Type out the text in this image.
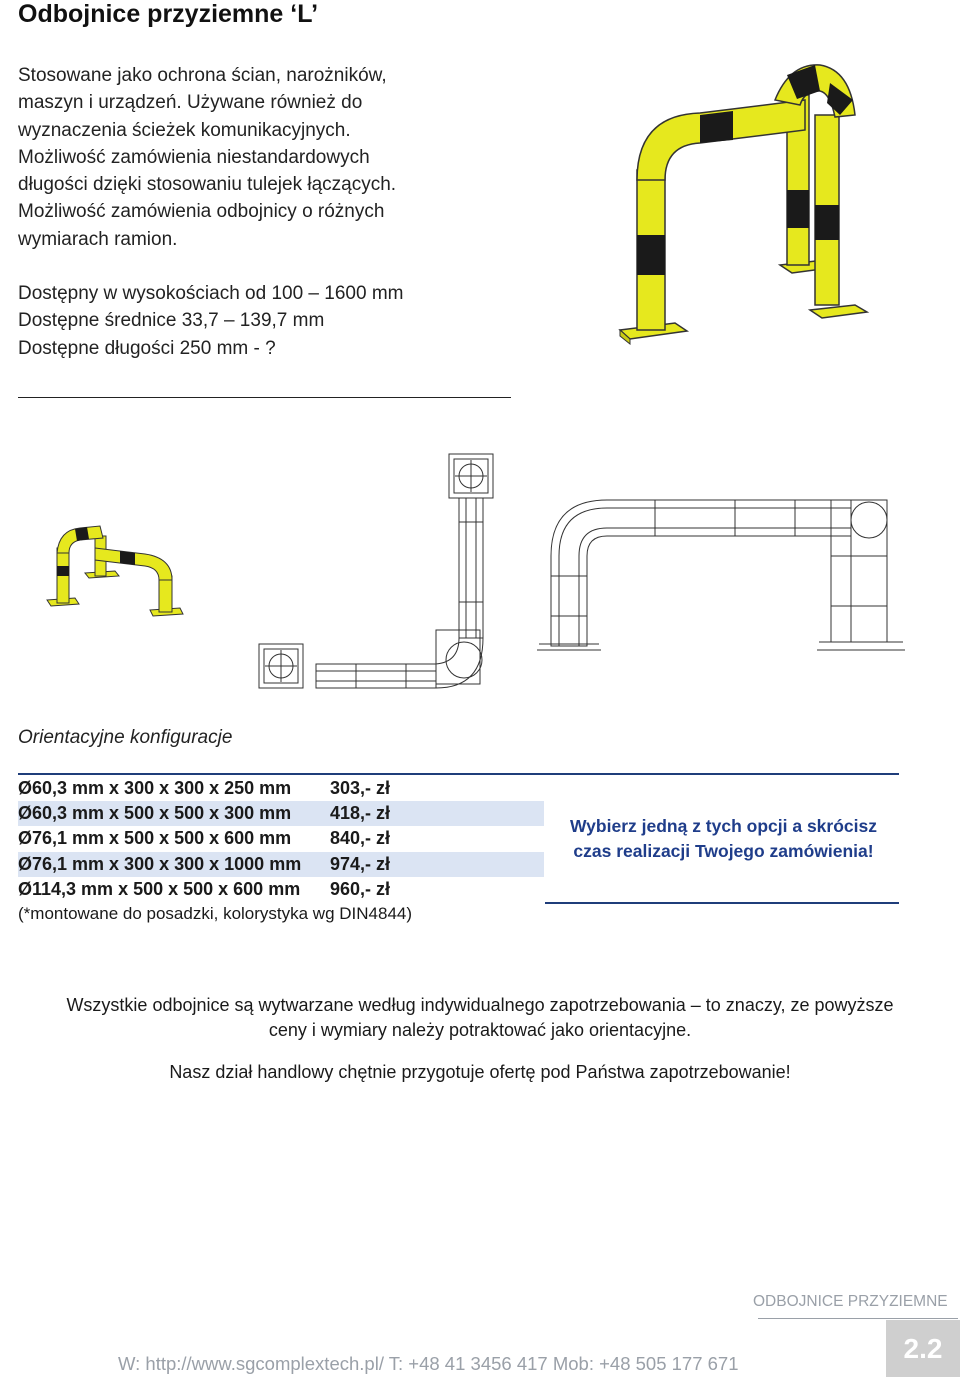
Odbojnice przyziemne ‘L’
Stosowane jako ochrona ścian, narożników,
maszyn i urządzeń. Używane również do
wyznaczenia ścieżek komunikacyjnych.
Możliwość zamówienia niestandardowych
długości dzięki stosowaniu tulejek łączących.
Możliwość zamówienia odbojnicy o różnych
wymiarach ramion.
Dostępny w wysokościach od 100 – 1600 mm
Dostępne średnice 33,7 – 139,7 mm
Dostępne długości 250 mm - ?
Orientacyjne konfiguracje
Ø60,3 mm x 300 x 300 x 250 mm 303,- zł
Ø60,3 mm x 500 x 500 x 300 mm 418,- zł
Ø76,1 mm x 500 x 500 x 600 mm 840,- zł
Ø76,1 mm x 300 x 300 x 1000 mm 974,- zł
Ø114,3 mm x 500 x 500 x 600 mm 960,- zł
(*montowane do posadzki, kolorystyka wg DIN4844)
Wybierz jedną z tych opcji a skrócisz
czas realizacji Twojego zamówienia!
Wszystkie odbojnice są wytwarzane według indywidualnego zapotrzebowania – to znaczy, ze powyższe
ceny i wymiary należy potraktować jako orientacyjne.
Nasz dział handlowy chętnie przygotuje ofertę pod Państwa zapotrzebowanie!
ODBOJNICE PRZYZIEMNE
W: http://www.sgcomplextech.pl/ T: +48 41 3456 417 Mob: +48 505 177 671	2.2
